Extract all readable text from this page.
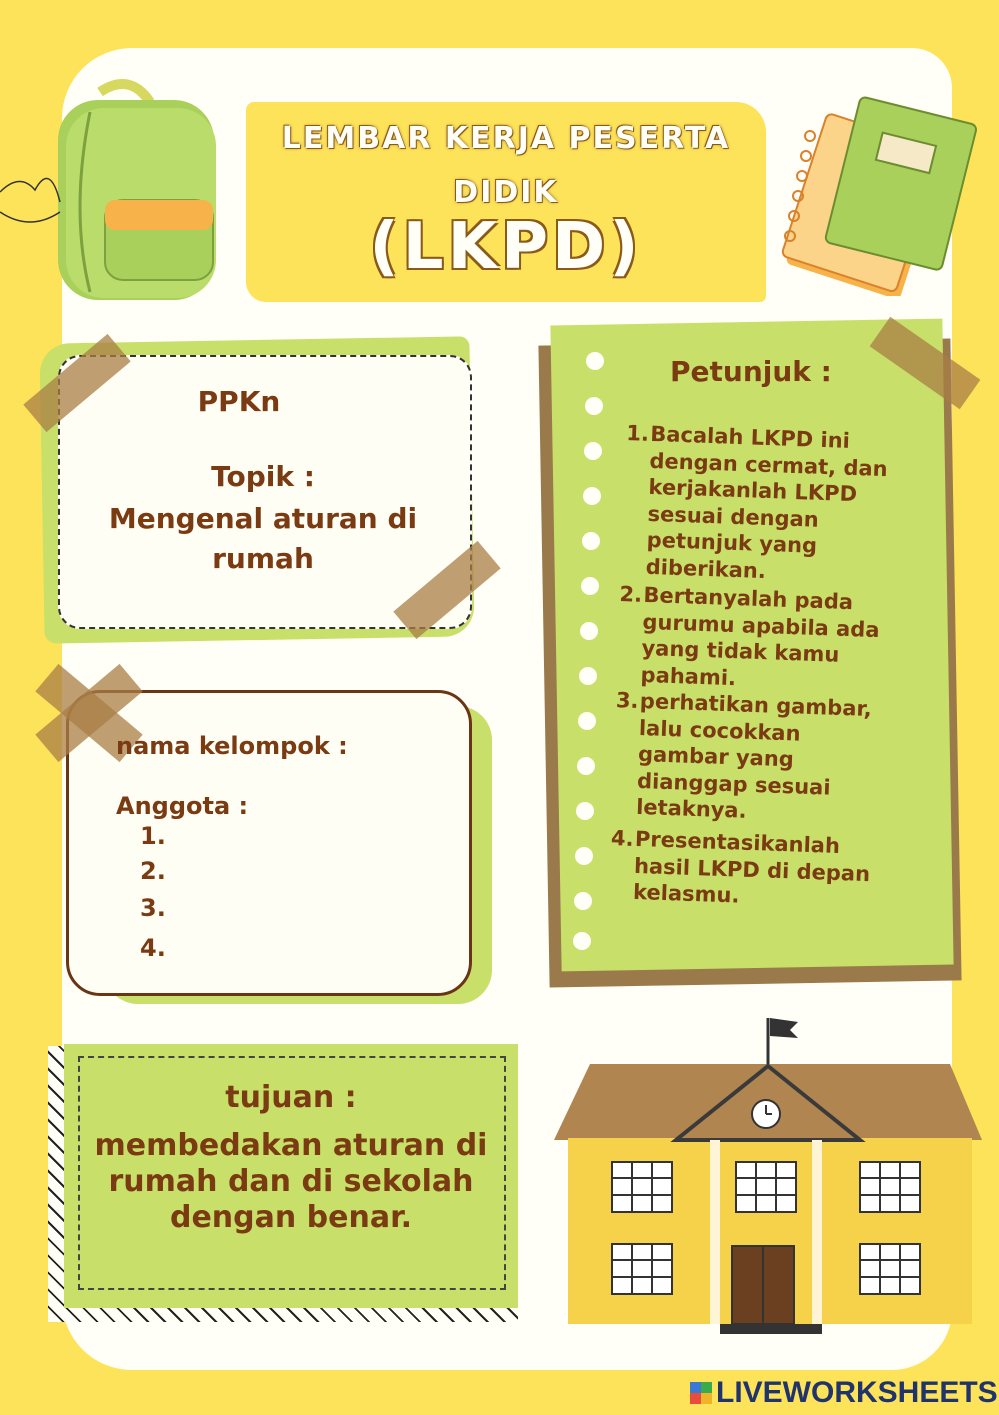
LEMBAR KERJA PESERTA
DIDIK
(LKPD)
PPKn
Topik :
Mengenal aturan di
rumah
nama kelompok :
Anggota :
1.
2.
3.
4.
Petunjuk :
1. Bacalah LKPD ini
dengan cermat, dan
kerjakanlah LKPD
sesuai dengan
petunjuk yang
diberikan.
2. Bertanyalah pada
gurumu apabila ada
yang tidak kamu
pahami.
3. perhatikan gambar,
lalu cocokkan
gambar yang
dianggap sesuai
letaknya.
4. Presentasikanlah
hasil LKPD di depan
kelasmu.
tujuan :
membedakan aturan di
rumah dan di sekolah
dengan benar.
LIVEWORKSHEETS
